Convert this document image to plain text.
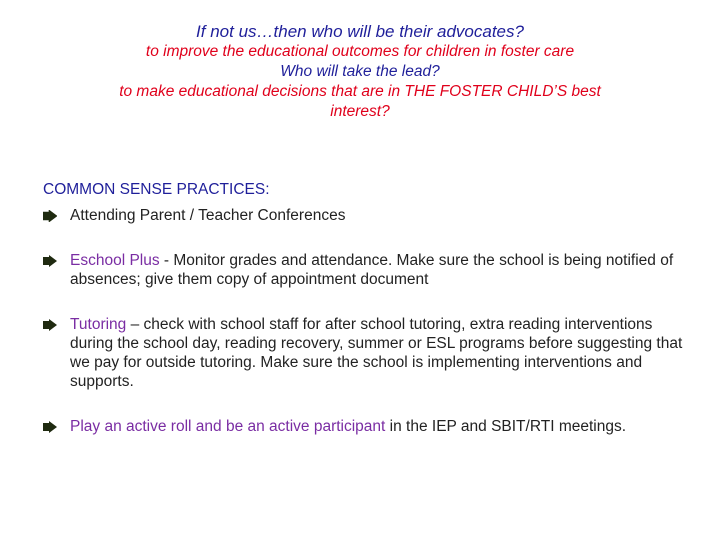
If not us…then who will be their advocates?
to improve the educational outcomes for children in foster care
Who will take the lead?
to make educational decisions that are in THE FOSTER CHILD’S best
interest?
COMMON SENSE PRACTICES:
Attending Parent / Teacher Conferences
Eschool Plus - Monitor grades and attendance. Make sure the school is being notified of absences; give them copy of appointment document
Tutoring – check with school staff for after school tutoring, extra reading interventions during the school day, reading recovery, summer or ESL programs before suggesting that we pay for outside tutoring. Make sure the school is implementing interventions and supports.
Play an active roll and be an active participant in the IEP and SBIT/RTI meetings.
